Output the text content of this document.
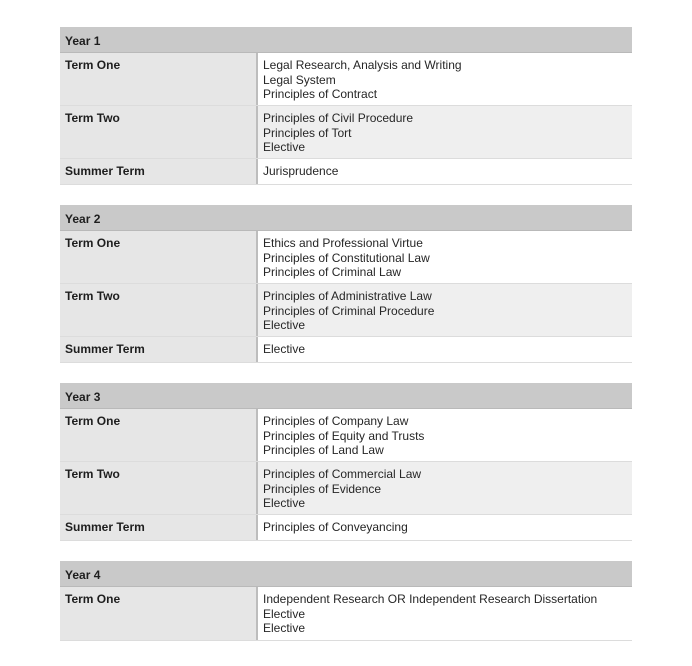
Year 1
Term One	Legal Research, Analysis and Writing
Legal System
Principles of Contract
Term Two	Principles of Civil Procedure
Principles of Tort
Elective
Summer Term	Jurisprudence
Year 2
Term One	Ethics and Professional Virtue
Principles of Constitutional Law
Principles of Criminal Law
Term Two	Principles of Administrative Law
Principles of Criminal Procedure
Elective
Summer Term	Elective
Year 3
Term One	Principles of Company Law
Principles of Equity and Trusts
Principles of Land Law
Term Two	Principles of Commercial Law
Principles of Evidence
Elective
Summer Term	Principles of Conveyancing
Year 4
Term One	Independent Research OR Independent Research Dissertation
Elective
Elective
